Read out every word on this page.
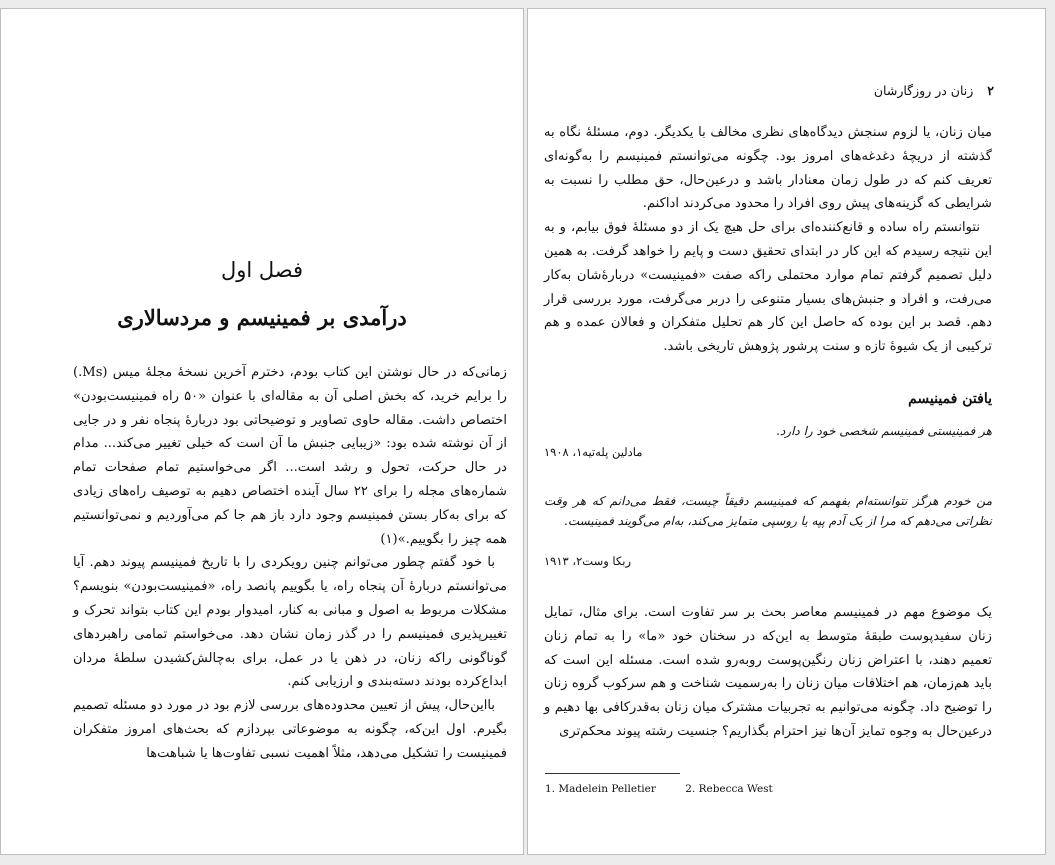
فصل اول
درآمدی بر فمینیسم و مردسالاری

زمانی‌که در حال نوشتن این کتاب بودم، دخترم آخرین نسخهٔ مجلهٔ میس (Ms.) را برایم خرید، که بخش اصلی آن به مقاله‌ای با عنوان «۵۰ راه فمینیست‌بودن» اختصاص داشت. مقاله حاوی تصاویر و توضیحاتی بود دربارهٔ پنجاه نفر و در جایی از آن نوشته شده بود: «زیبایی جنبش ما آن است که خیلی تغییر می‌کند... مدام در حال حرکت، تحول و رشد است... اگر می‌خواستیم تمام صفحات تمام شماره‌های مجله را برای ۲۲ سال آینده اختصاص دهیم به توصیف راه‌های زیادی که برای به‌کار بستن فمینیسم وجود دارد باز هم جا کم می‌آوردیم و نمی‌توانستیم همه چیز را بگوییم.»(۱)

با خود گفتم چطور می‌توانم چنین رویکردی را با تاریخ فمینیسم پیوند دهم. آیا می‌توانستم دربارهٔ آن پنجاه راه، یا بگوییم پانصد راه، «فمینیست‌بودن» بنویسم؟ مشکلات مربوط به اصول و مبانی به کنار، امیدوار بودم این کتاب بتواند تحرک و تغییرپذیری فمینیسم را در گذر زمان نشان دهد. می‌خواستم تمامی راهبردهای گوناگونی راکه زنان، در ذهن یا در عمل، برای به‌چالش‌کشیدن سلطهٔ مردان ابداع‌کرده بودند دسته‌بندی و ارزیابی کنم.

بااین‌حال، پیش از تعیین محدوده‌های بررسی لازم بود در مورد دو مسئله تصمیم بگیرم. اول این‌که، چگونه به موضوعاتی بپردازم که بحث‌های امروز متفکران فمینیست را تشکیل می‌دهد، مثلاً اهمیت نسبی تفاوت‌ها یا شباهت‌ها

۲ زنان در روزگارشان

میان زنان، یا لزوم سنجش دیدگاه‌های نظری مخالف با یکدیگر. دوم، مسئلهٔ نگاه به گذشته از دریچهٔ دغدغه‌های امروز بود. چگونه می‌توانستم فمینیسم را به‌گونه‌ای تعریف کنم که در طول زمان معنادار باشد و درعین‌حال، حق مطلب را نسبت به شرایطی که گزینه‌های پیش روی افراد را محدود می‌کردند اداکنم.

نتوانستم راه ساده و قانع‌کننده‌ای برای حل هیچ یک از دو مسئلهٔ فوق بیابم، و به این نتیجه رسیدم که این کار در ابتدای تحقیق دست و پایم را خواهد گرفت. به همین دلیل تصمیم گرفتم تمام موارد محتملی راکه صفت «فمینیست» دربارهٔ‌شان به‌کار می‌رفت، و افراد و جنبش‌های بسیار متنوعی را دربر می‌گرفت، مورد بررسی قرار دهم. قصد بر این بوده که حاصل این کار هم تحلیل متفکران و فعالان عمده و هم ترکیبی از یک شیوهٔ تازه و سنت پرشور پژوهش تاریخی باشد.

یافتن فمینیسم
هر فمینیستی فمینیسم شخصی خود را دارد.
مادلین پله‌تیه۱، ۱۹۰۸
من خودم هرگز نتوانسته‌ام بفهمم که فمینیسم دقیقاً چیست، فقط می‌دانم که هر وقت نظراتی می‌دهم که مرا از یک آدم پپه یا روسپی متمایز می‌کند، به‌ام می‌گویند فمینیست.
ربکا وست۲، ۱۹۱۳
یک موضوع مهم در فمینیسم معاصر بحث بر سر تفاوت است. برای مثال، تمایل زنان سفیدپوست طبقهٔ متوسط به این‌که در سخنان خود «ما» را به تمام زنان تعمیم دهند، با اعتراض زنان رنگین‌پوست روبه‌رو شده است. مسئله این است که باید هم‌زمان، هم اختلافات میان زنان را به‌رسمیت شناخت و هم سرکوب گروه زنان را توضیح داد. چگونه می‌توانیم به تجربیات مشترک میان زنان به‌قدرکافی بها دهیم و درعین‌حال به وجوه تمایز آن‌ها نیز احترام بگذاریم؟ جنسیت رشته پیوند محکم‌تری
1. Madelein Pelletier	2. Rebecca West
